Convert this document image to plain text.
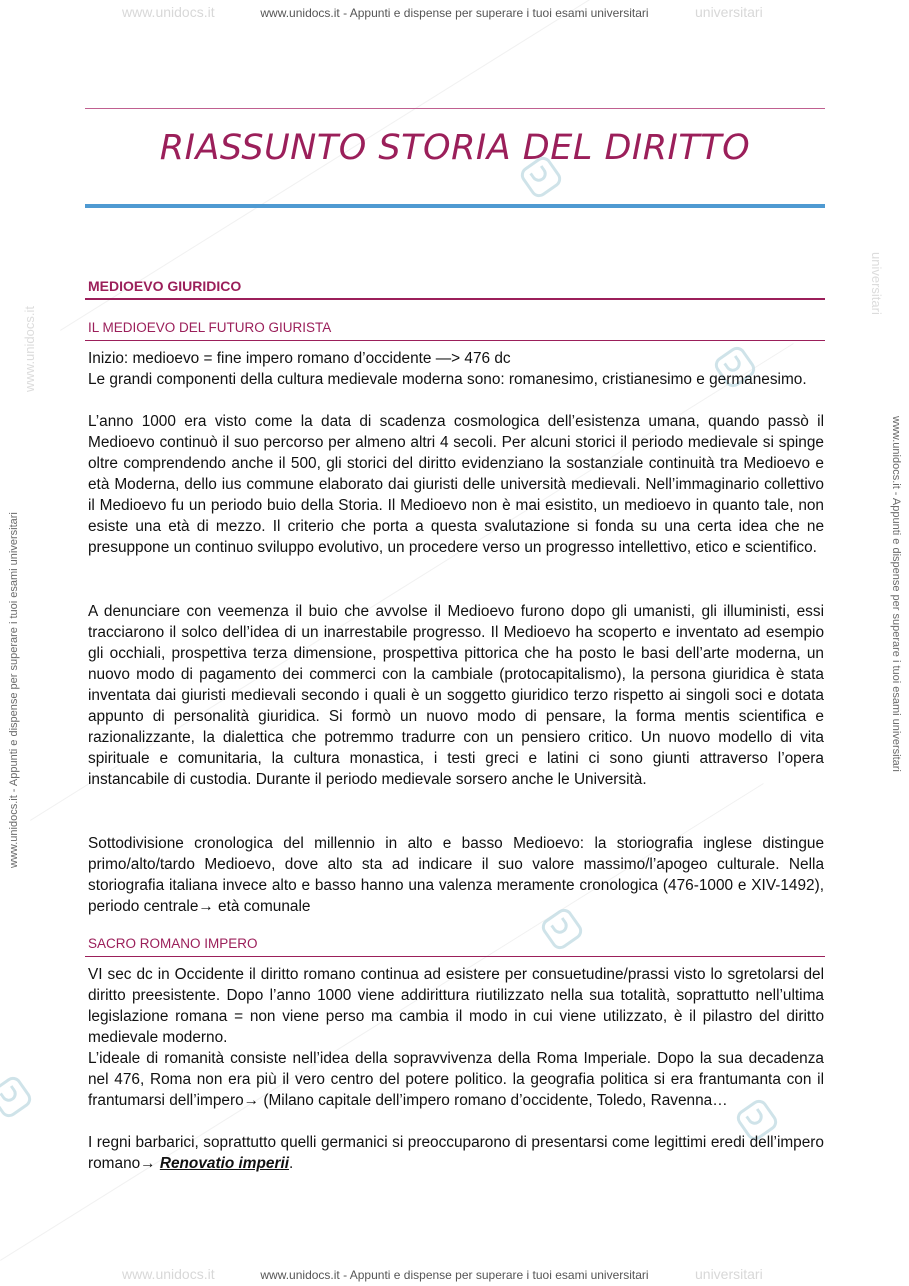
www.unidocs.it	universitari
www.unidocs.it - Appunti e dispense per superare i tuoi esami universitari
www.unidocs.it	universitari
www.unidocs.it - Appunti e dispense per superare i tuoi esami universitari
www.unidocs.it - Appunti e dispense per superare i tuoi esami universitari	www.unidocs.it - Appunti e dispense per superare i tuoi esami universitari
www.unidocs.it
universitari
RIASSUNTO STORIA DEL DIRITTO
MEDIOEVO GIURIDICO
IL MEDIOEVO DEL FUTURO GIURISTA

Inizio: medioevo = fine impero romano d’occidente —> 476 dc

Le grandi componenti della cultura medievale moderna sono: romanesimo, cristianesimo e germanesimo.

L’anno 1000 era visto come la data di scadenza cosmologica dell’esistenza umana, quando passò il Medioevo continuò il suo percorso per almeno altri 4 secoli. Per alcuni storici il periodo medievale si spinge oltre comprendendo anche il 500, gli storici del diritto evidenziano la sostanziale continuità tra Medioevo e età Moderna, dello ius commune elaborato dai giuristi delle università medievali. Nell’immaginario collettivo il Medioevo fu un periodo buio della Storia. Il Medioevo non è mai esistito, un medioevo in quanto tale, non esiste una età di mezzo. Il criterio che porta a questa svalutazione si fonda su una certa idea che ne presuppone un continuo sviluppo evolutivo, un procedere verso un progresso intellettivo, etico e scientifico.

A denunciare con veemenza il buio che avvolse il Medioevo furono dopo gli umanisti, gli illuministi, essi tracciarono il solco dell’idea di un inarrestabile progresso. Il Medioevo ha scoperto e inventato ad esempio gli occhiali, prospettiva terza dimensione, prospettiva pittorica che ha posto le basi dell’arte moderna, un nuovo modo di pagamento dei commerci con la cambiale (protocapitalismo), la persona giuridica è stata inventata dai giuristi medievali secondo i quali è un soggetto giuridico terzo rispetto ai singoli soci e dotata appunto di personalità giuridica. Si formò un nuovo modo di pensare, la forma mentis scientifica e razionalizzante, la dialettica che potremmo tradurre con un pensiero critico. Un nuovo modello di vita spirituale e comunitaria, la cultura monastica, i testi greci e latini ci sono giunti attraverso l’opera instancabile di custodia. Durante il periodo medievale sorsero anche le Università.

Sottodivisione cronologica del millennio in alto e basso Medioevo: la storiografia inglese distingue primo/alto/tardo Medioevo, dove alto sta ad indicare il suo valore massimo/l’apogeo culturale. Nella storiografia italiana invece alto e basso hanno una valenza meramente cronologica (476-1000 e XIV-1492), periodo centrale→ età comunale

SACRO ROMANO IMPERO

VI sec dc in Occidente il diritto romano continua ad esistere per consuetudine/prassi visto lo sgretolarsi del diritto preesistente. Dopo l’anno 1000 viene addirittura riutilizzato nella sua totalità, soprattutto nell’ultima legislazione romana = non viene perso ma cambia il modo in cui viene utilizzato, è il pilastro del diritto medievale moderno.

L’ideale di romanità consiste nell’idea della sopravvivenza della Roma Imperiale. Dopo la sua decadenza nel 476, Roma non era più il vero centro del potere politico. la geografia politica si era frantumanta con il frantumarsi dell’impero→ (Milano capitale dell’impero romano d’occidente, Toledo, Ravenna…

I regni barbarici, soprattutto quelli germanici si preoccuparono di presentarsi come legittimi eredi dell’impero romano→ Renovatio imperii.
